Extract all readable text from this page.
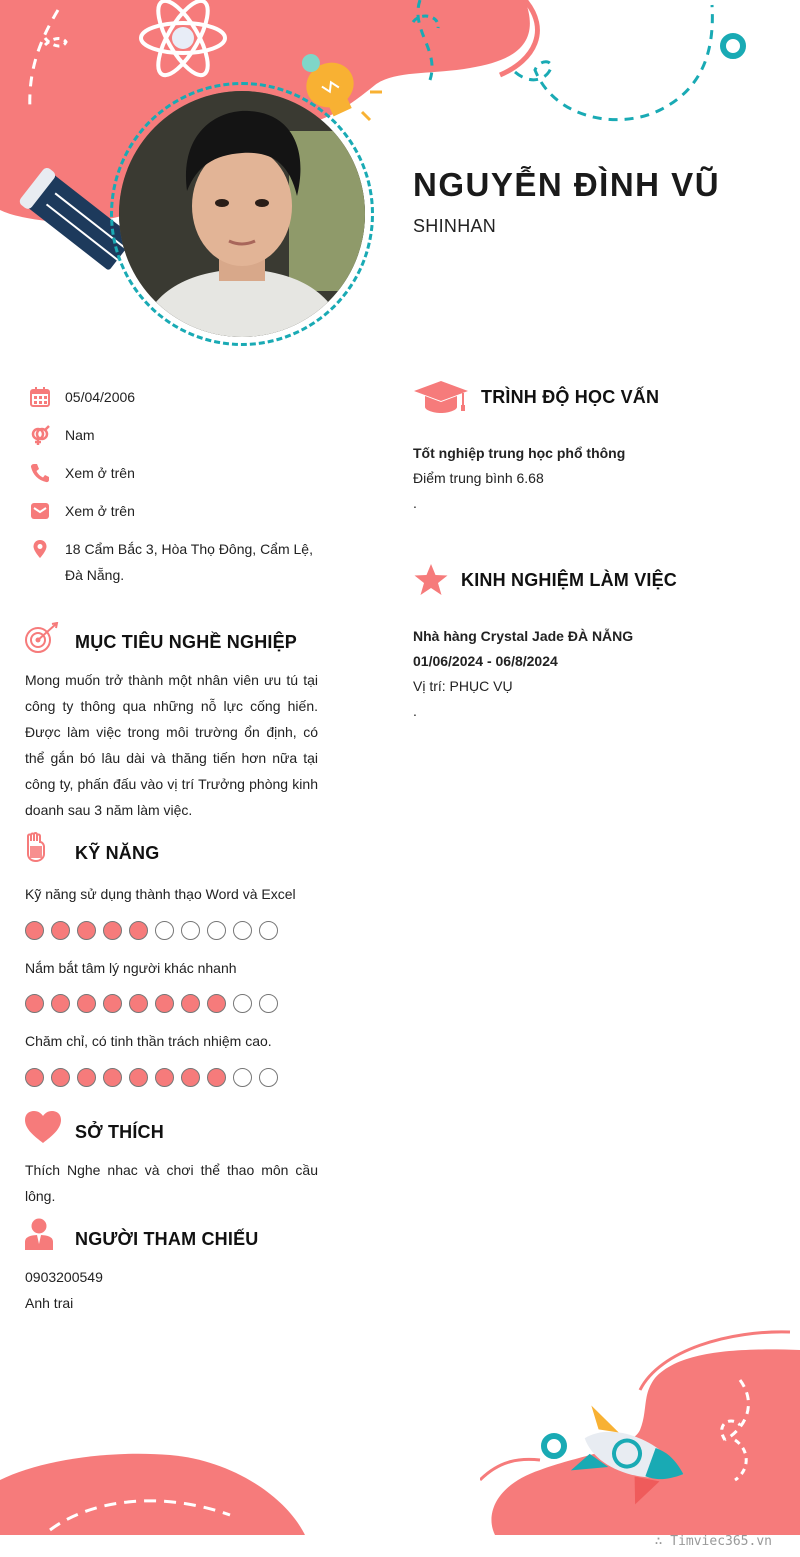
NGUYỄN ĐÌNH VŨ
SHINHAN
05/04/2006
Nam
Xem ở trên
Xem ở trên
18 Cẩm Bắc 3, Hòa Thọ Đông, Cẩm Lệ, Đà Nẵng.
MỤC TIÊU NGHỀ NGHIỆP
Mong muốn trở thành một nhân viên ưu tú tại công ty thông qua những nỗ lực cống hiến. Được làm việc trong môi trường ổn định, có thể gắn bó lâu dài và thăng tiến hơn nữa tại công ty, phấn đấu vào vị trí Trưởng phòng kinh doanh sau 3 năm làm việc.
KỸ NĂNG
Kỹ năng sử dụng thành thạo Word và Excel
Nắm bắt tâm lý người khác nhanh
Chăm chỉ, có tinh thần trách nhiệm cao.
SỞ THÍCH
Thích Nghe nhac và chơi thể thao môn cầu lông.
NGƯỜI THAM CHIẾU
0903200549
Anh trai
TRÌNH ĐỘ HỌC VẤN
Tốt nghiệp trung học phổ thông
Điểm trung bình 6.68
.
KINH NGHIỆM LÀM VIỆC
Nhà hàng Crystal Jade ĐÀ NẴNG
01/06/2024 - 06/8/2024
Vị trí: PHỤC VỤ
.
∴ Timviec365.vn
